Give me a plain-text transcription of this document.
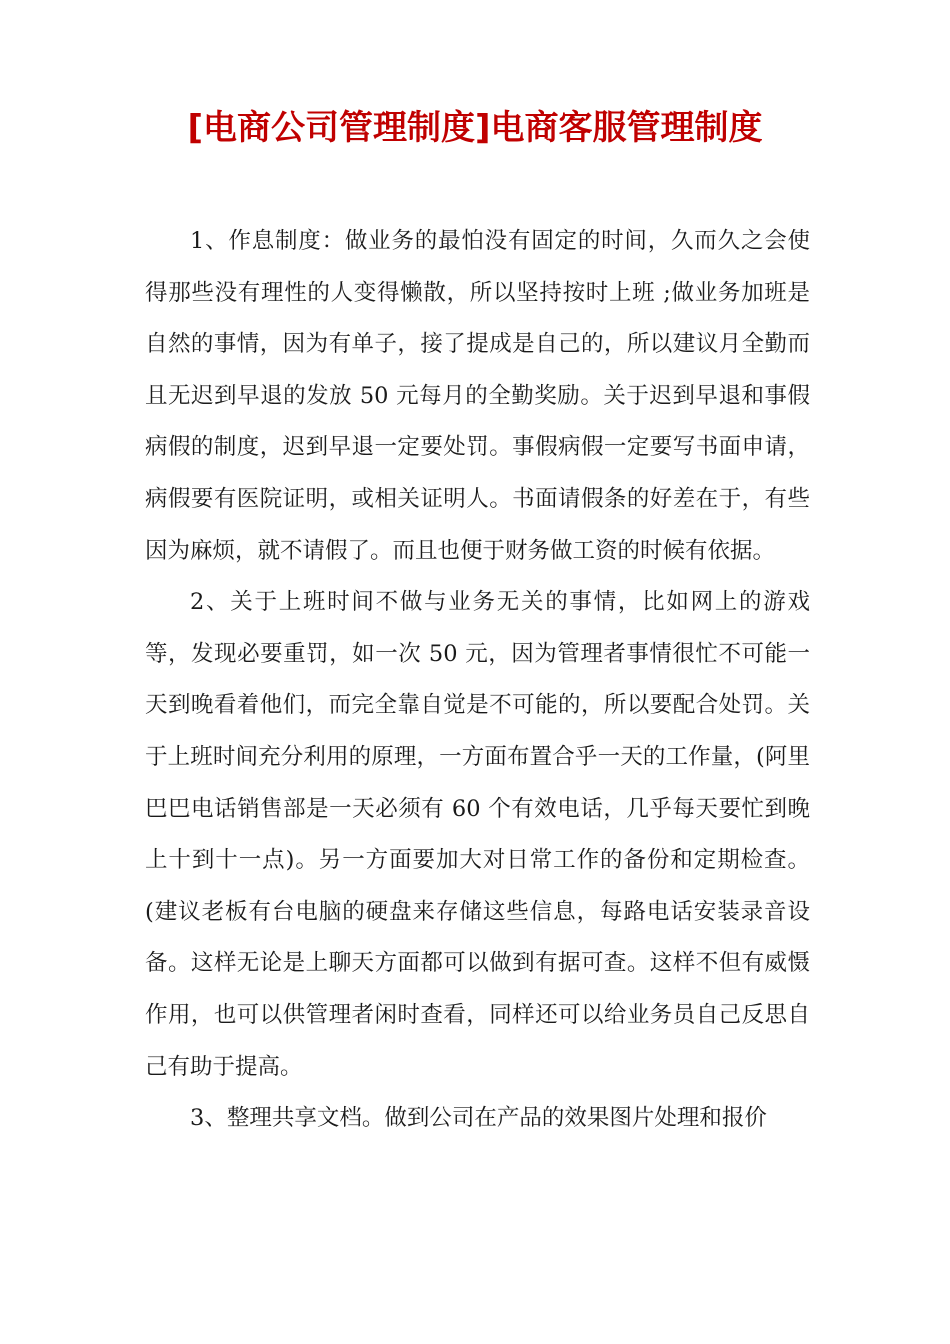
[电商公司管理制度]电商客服管理制度

1、作息制度：做业务的最怕没有固定的时间，久而久之会使得那些没有理性的人变得懒散，所以坚持按时上班 ;做业务加班是自然的事情，因为有单子，接了提成是自己的，所以建议月全勤而且无迟到早退的发放 50 元每月的全勤奖励。关于迟到早退和事假病假的制度，迟到早退一定要处罚。事假病假一定要写书面申请，病假要有医院证明，或相关证明人。书面请假条的好差在于，有些因为麻烦，就不请假了。而且也便于财务做工资的时候有依据。

2、关于上班时间不做与业务无关的事情，比如网上的游戏等，发现必要重罚，如一次 50 元，因为管理者事情很忙不可能一天到晚看着他们，而完全靠自觉是不可能的，所以要配合处罚。关于上班时间充分利用的原理，一方面布置合乎一天的工作量，(阿里巴巴电话销售部是一天必须有 60 个有效电话，几乎每天要忙到晚上十到十一点)。另一方面要加大对日常工作的备份和定期检查。(建议老板有台电脑的硬盘来存储这些信息，每路电话安装录音设备。这样无论是上聊天方面都可以做到有据可查。这样不但有威慑作用，也可以供管理者闲时查看，同样还可以给业务员自己反思自己有助于提高。

3、整理共享文档。做到公司在产品的效果图片处理和报价
